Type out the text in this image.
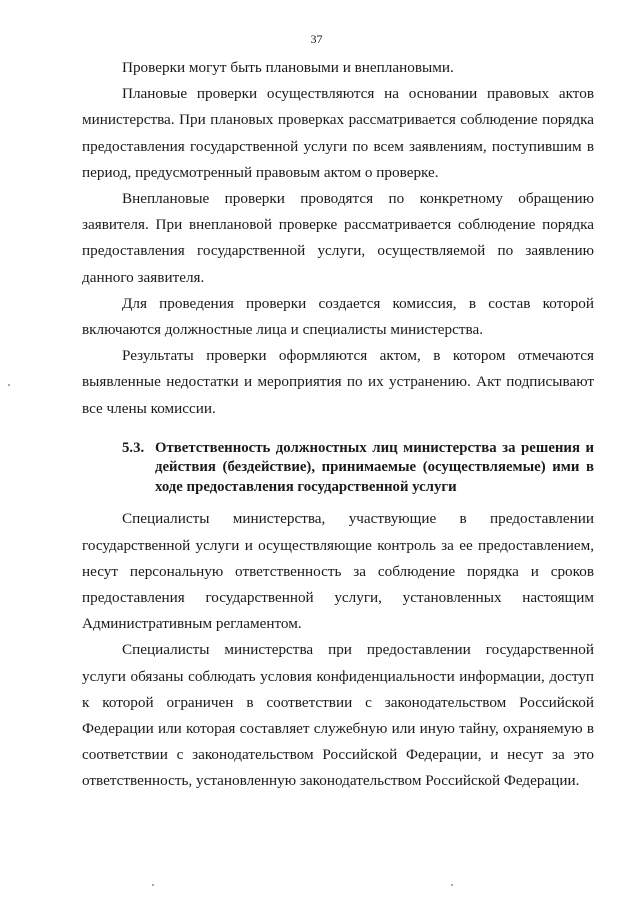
37

Проверки могут быть плановыми и внеплановыми.

Плановые проверки осуществляются на основании правовых актов министерства. При плановых проверках рассматривается соблюдение порядка предоставления государственной услуги по всем заявлениям, поступившим в период, предусмотренный правовым актом о проверке.

Внеплановые проверки проводятся по конкретному обращению заявителя. При внеплановой проверке рассматривается соблюдение порядка предоставления государственной услуги, осуществляемой по заявлению данного заявителя.

Для проведения проверки создается комиссия, в состав которой включаются должностные лица и специалисты министерства.

Результаты проверки оформляются актом, в котором отмечаются выявленные недостатки и мероприятия по их устранению. Акт подписывают все члены комиссии.

5.3. Ответственность должностных лиц министерства за решения и действия (бездействие), принимаемые (осуществляемые) ими в ходе предоставления государственной услуги

Специалисты министерства, участвующие в предоставлении государственной услуги и осуществляющие контроль за ее предоставлением, несут персональную ответственность за соблюдение порядка и сроков предоставления государственной услуги, установленных настоящим Административным регламентом.

Специалисты министерства при предоставлении государственной услуги обязаны соблюдать условия конфиденциальности информации, доступ к которой ограничен в соответствии с законодательством Российской Федерации или которая составляет служебную или иную тайну, охраняемую в соответствии с законодательством Российской Федерации, и несут за это ответственность, установленную законодательством Российской Федерации.
